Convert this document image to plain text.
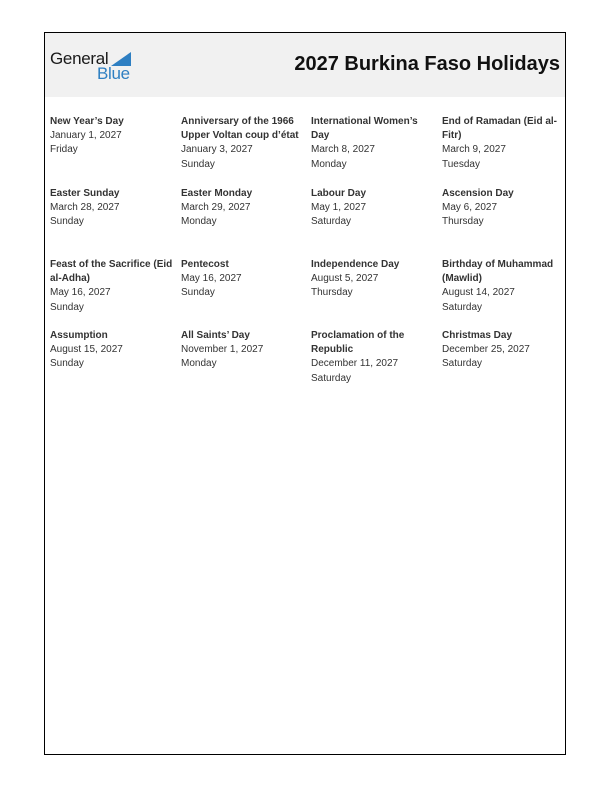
General
Blue	2027 Burkina Faso Holidays
New Year’s Day
January 1, 2027
Friday
Anniversary of the 1966 Upper Voltan coup d’état
January 3, 2027
Sunday
International Women’s Day
March 8, 2027
Monday
End of Ramadan (Eid al-Fitr)
March 9, 2027
Tuesday
Easter Sunday
March 28, 2027
Sunday
Easter Monday
March 29, 2027
Monday
Labour Day
May 1, 2027
Saturday
Ascension Day
May 6, 2027
Thursday
Feast of the Sacrifice (Eid al-Adha)
May 16, 2027
Sunday
Pentecost
May 16, 2027
Sunday
Independence Day
August 5, 2027
Thursday
Birthday of Muhammad (Mawlid)
August 14, 2027
Saturday
Assumption
August 15, 2027
Sunday
All Saints’ Day
November 1, 2027
Monday
Proclamation of the Republic
December 11, 2027
Saturday
Christmas Day
December 25, 2027
Saturday
